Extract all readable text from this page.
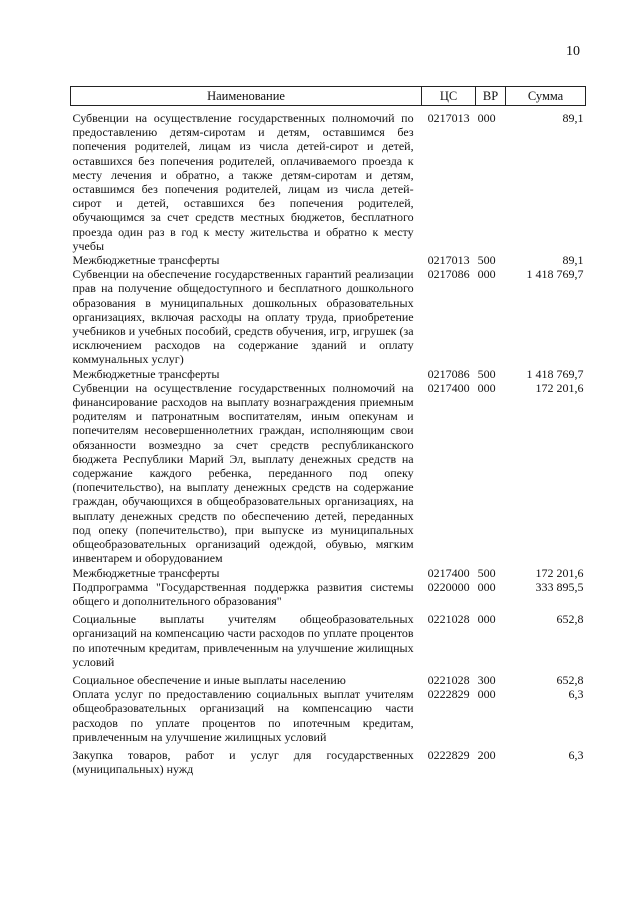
10
Наименование	ЦС	ВР	Сумма
Субвенции на осуществление государственных полномочий по предоставлению детям-сиротам и детям, оставшимся без попечения родителей, лицам из числа детей-сирот и детей, оставшихся без попечения родителей, оплачиваемого проезда к месту лечения и обратно, а также детям-сиротам и детям, оставшимся без попечения родителей, лицам из числа детей-сирот и детей, оставшихся без попечения родителей, обучающимся за счет средств местных бюджетов, бесплатного проезда один раз в год к месту жительства и обратно к месту учебы	0217013	000	89,1
Межбюджетные трансферты	0217013	500	89,1
Субвенции на обеспечение государственных гарантий реализации прав на получение общедоступного и бесплатного дошкольного образования в муниципальных дошкольных образовательных организациях, включая расходы на оплату труда, приобретение учебников и учебных пособий, средств обучения, игр, игрушек (за исключением расходов на содержание зданий и оплату коммунальных услуг)	0217086	000	1 418 769,7
Межбюджетные трансферты	0217086	500	1 418 769,7
Субвенции на осуществление государственных полномочий на финансирование расходов на выплату вознаграждения приемным родителям и патронатным воспитателям, иным опекунам и попечителям несовершеннолетних граждан, исполняющим свои обязанности возмездно за счет средств республиканского бюджета Республики Марий Эл, выплату денежных средств на содержание каждого ребенка, переданного под опеку (попечительство), на выплату денежных средств на содержание граждан, обучающихся в общеобразовательных организациях, на выплату денежных средств по обеспечению детей, переданных под опеку (попечительство), при выпуске из муниципальных общеобразовательных организаций одеждой, обувью, мягким инвентарем и оборудованием	0217400	000	172 201,6
Межбюджетные трансферты	0217400	500	172 201,6
Подпрограмма "Государственная поддержка развития системы общего и дополнительного образования"	0220000	000	333 895,5
Социальные выплаты учителям общеобразовательных организаций на компенсацию части расходов по уплате процентов по ипотечным кредитам, привлеченным на улучшение жилищных условий	0221028	000	652,8
Социальное обеспечение и иные выплаты населению	0221028	300	652,8
Оплата услуг по предоставлению социальных выплат учителям общеобразовательных организаций на компенсацию части расходов по уплате процентов по ипотечным кредитам, привлеченным на улучшение жилищных условий	0222829	000	6,3
Закупка товаров, работ и услуг для государственных (муниципальных) нужд	0222829	200	6,3
